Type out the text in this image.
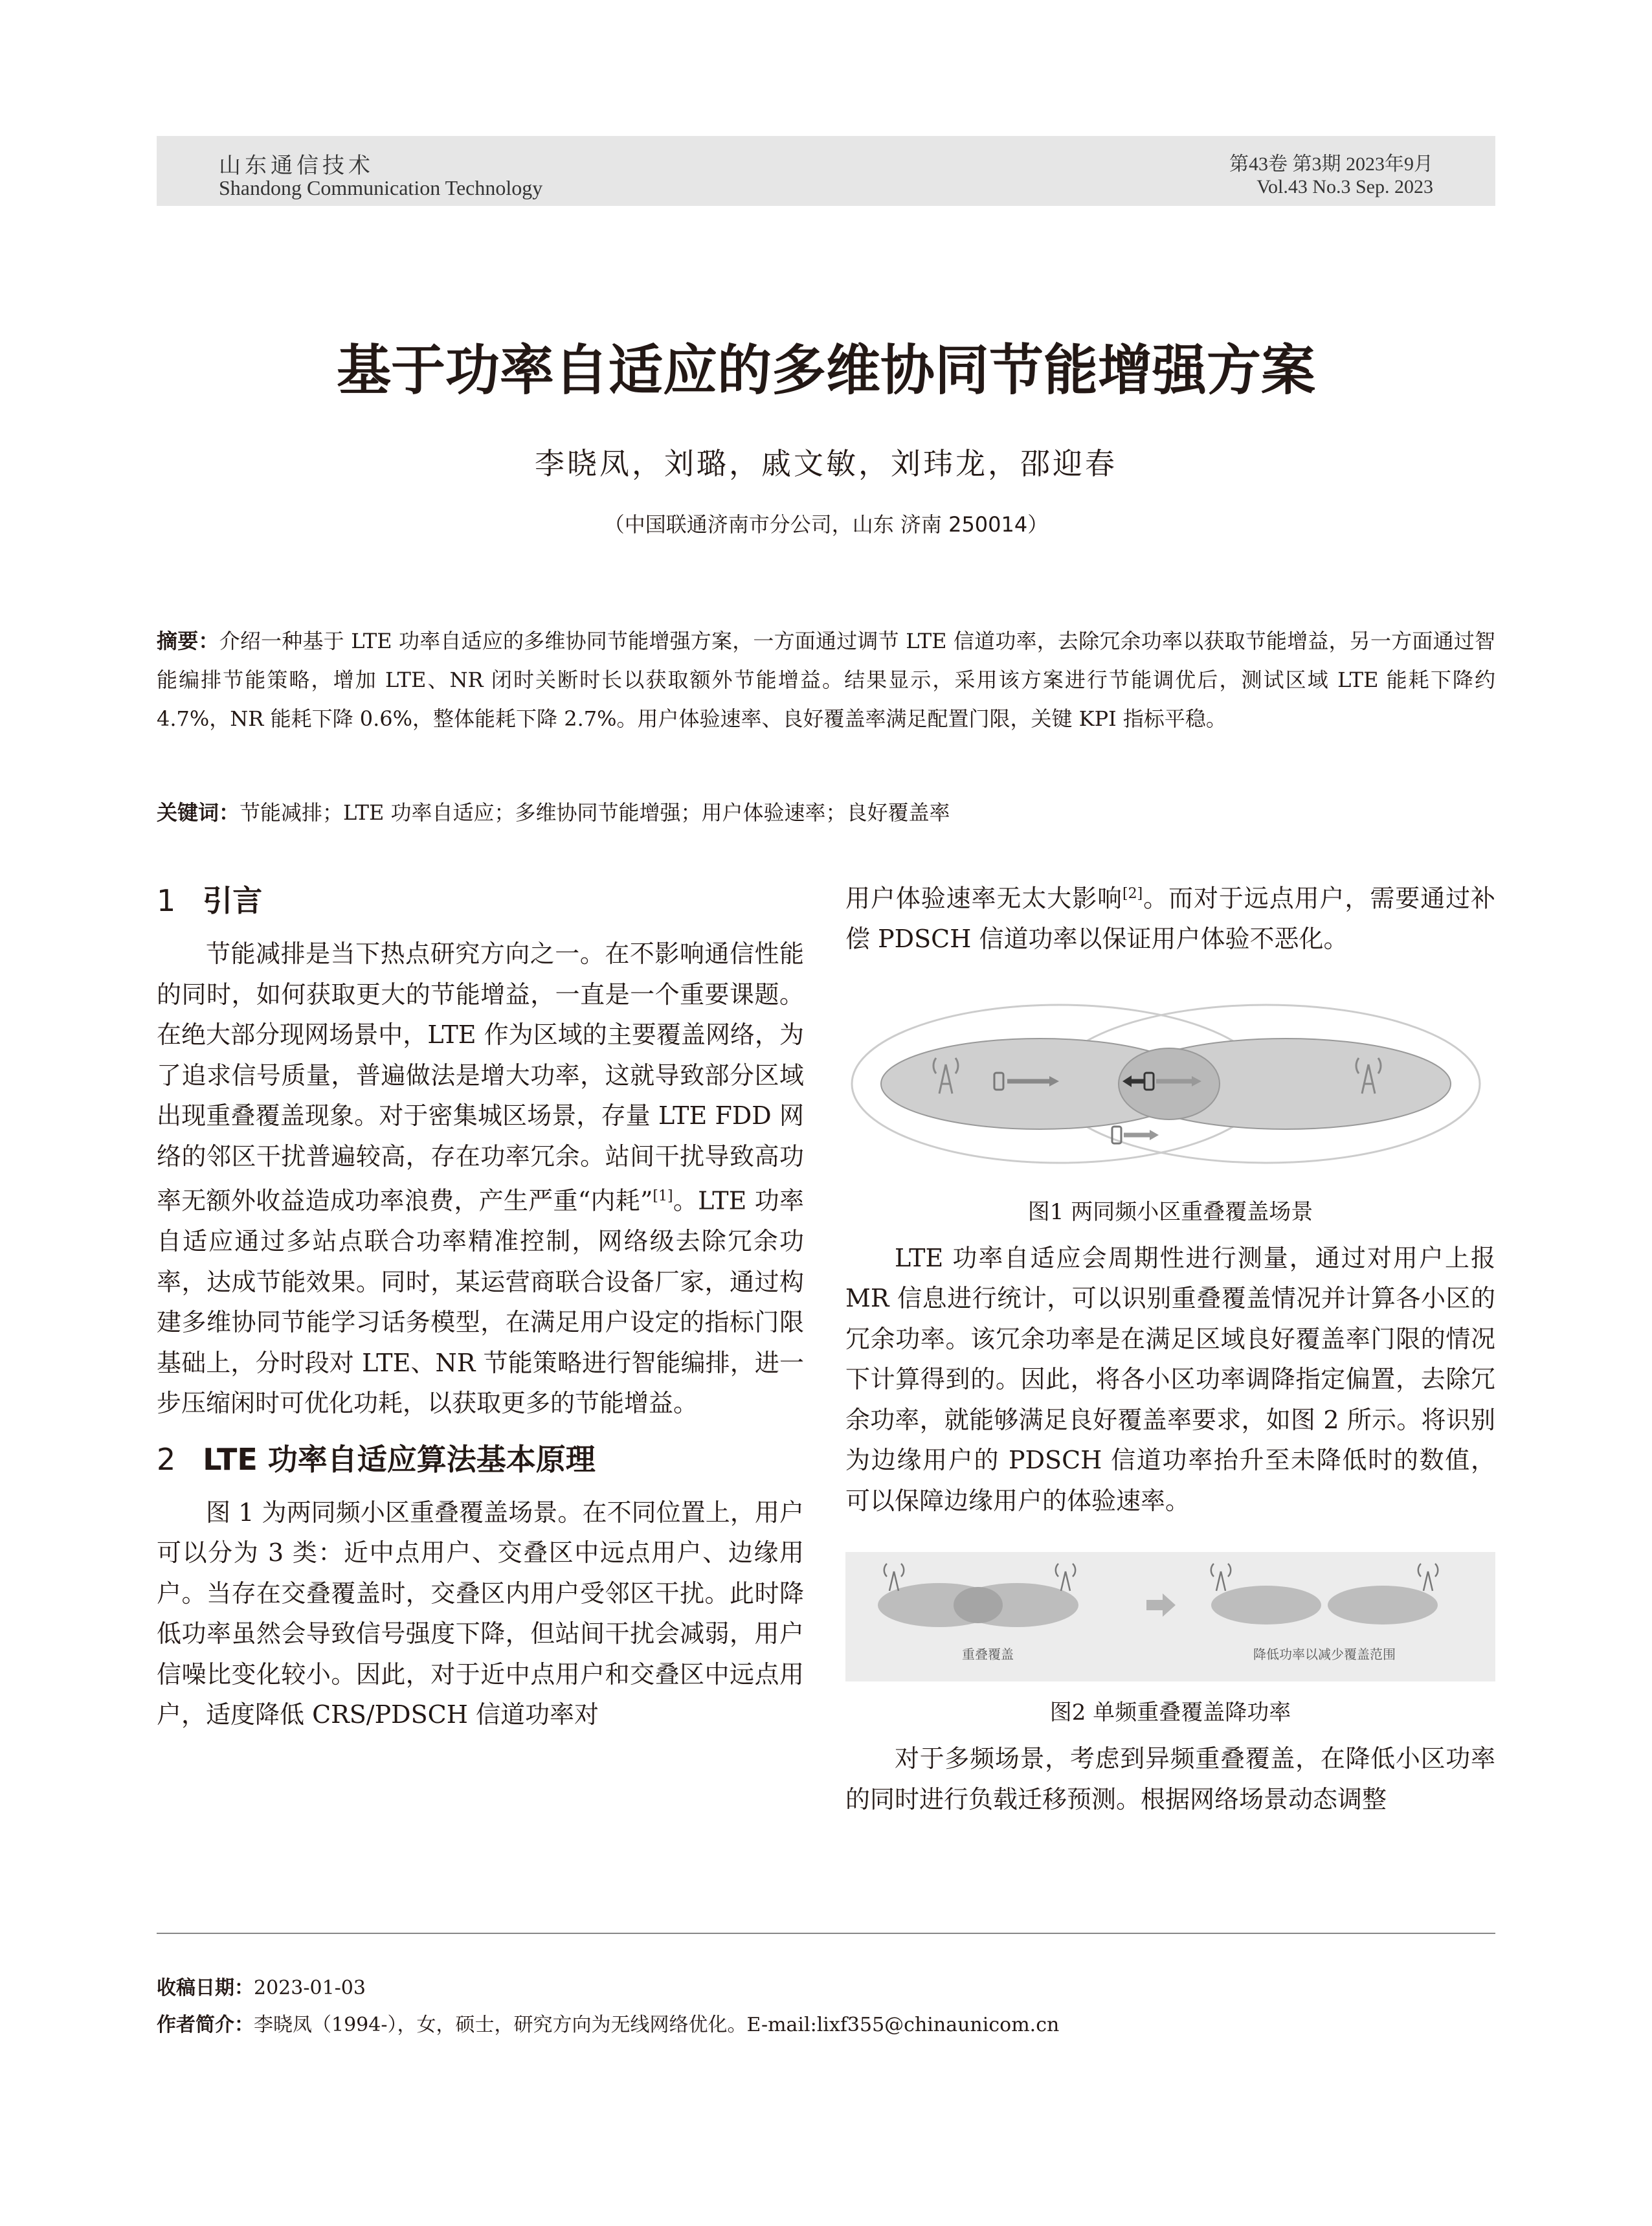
山东通信技术
Shandong Communication Technology
第43卷 第3期 2023年9月
Vol.43 No.3 Sep. 2023
基于功率自适应的多维协同节能增强方案
李晓凤，刘璐，戚文敏，刘玮龙，邵迎春
（中国联通济南市分公司，山东 济南 250014）
摘要：介绍一种基于 LTE 功率自适应的多维协同节能增强方案，一方面通过调节 LTE 信道功率，去除冗余功率以获取节能增益，另一方面通过智能编排节能策略，增加 LTE、NR 闭时关断时长以获取额外节能增益。结果显示，采用该方案进行节能调优后，测试区域 LTE 能耗下降约 4.7%，NR 能耗下降 0.6%，整体能耗下降 2.7%。用户体验速率、良好覆盖率满足配置门限，关键 KPI 指标平稳。
关键词：节能减排；LTE 功率自适应；多维协同节能增强；用户体验速率；良好覆盖率
1 引言

节能减排是当下热点研究方向之一。在不影响通信性能的同时，如何获取更大的节能增益，一直是一个重要课题。在绝大部分现网场景中，LTE 作为区域的主要覆盖网络，为了追求信号质量，普遍做法是增大功率，这就导致部分区域出现重叠覆盖现象。对于密集城区场景，存量 LTE FDD 网络的邻区干扰普遍较高，存在功率冗余。站间干扰导致高功率无额外收益造成功率浪费，产生严重“内耗”[1]。LTE 功率自适应通过多站点联合功率精准控制，网络级去除冗余功率，达成节能效果。同时，某运营商联合设备厂家，通过构建多维协同节能学习话务模型，在满足用户设定的指标门限基础上，分时段对 LTE、NR 节能策略进行智能编排，进一步压缩闲时可优化功耗，以获取更多的节能增益。

2 LTE 功率自适应算法基本原理

图 1 为两同频小区重叠覆盖场景。在不同位置上，用户可以分为 3 类：近中点用户、交叠区中远点用户、边缘用户。当存在交叠覆盖时，交叠区内用户受邻区干扰。此时降低功率虽然会导致信号强度下降，但站间干扰会减弱，用户信噪比变化较小。因此，对于近中点用户和交叠区中远点用户，适度降低 CRS/PDSCH 信道功率对

用户体验速率无太大影响[2]。而对于远点用户，需要通过补偿 PDSCH 信道功率以保证用户体验不恶化。

图1 两同频小区重叠覆盖场景

LTE 功率自适应会周期性进行测量，通过对用户上报 MR 信息进行统计，可以识别重叠覆盖情况并计算各小区的冗余功率。该冗余功率是在满足区域良好覆盖率门限的情况下计算得到的。因此，将各小区功率调降指定偏置，去除冗余功率，就能够满足良好覆盖率要求，如图 2 所示。将识别为边缘用户的 PDSCH 信道功率抬升至未降低时的数值，可以保障边缘用户的体验速率。

重叠覆盖	降低功率以减少覆盖范围
图2 单频重叠覆盖降功率

对于多频场景，考虑到异频重叠覆盖，在降低小区功率的同时进行负载迁移预测。根据网络场景动态调整

收稿日期：2023-01-03
作者简介：李晓凤（1994-），女，硕士，研究方向为无线网络优化。E-mail:lixf355@chinaunicom.cn
